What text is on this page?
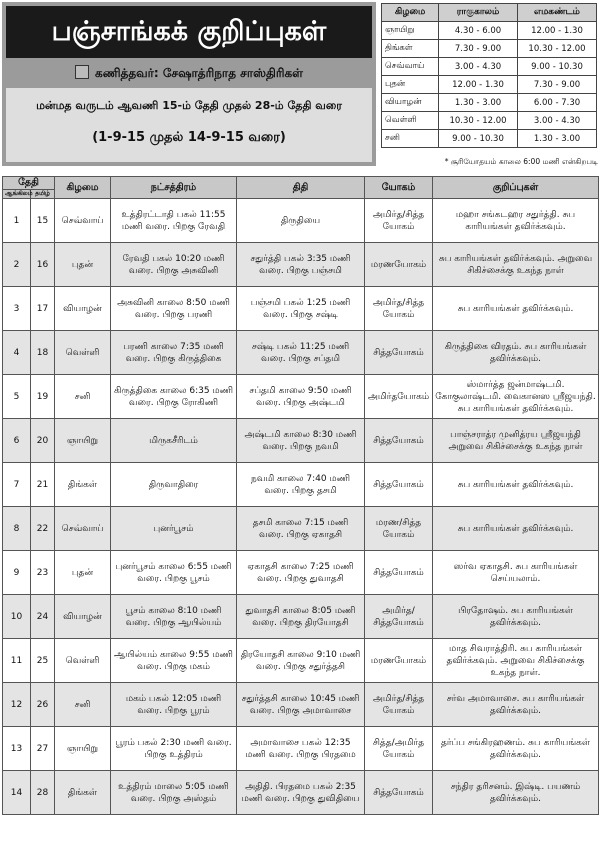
பஞ்சாங்கக் குறிப்புகள்
கணித்தவர்: சேஷாத்ரிநாத சாஸ்திரிகள்
மன்மத வருடம் ஆவணி 15-ம் தேதி முதல் 28-ம் தேதி வரை
(1-9-15 முதல் 14-9-15 வரை)
கிழமை	ராகுகாலம்	எமகண்டம்
ஞாயிறு	4.30 - 6.00	12.00 - 1.30
திங்கள்	7.30 - 9.00	10.30 - 12.00
செவ்வாய்	3.00 - 4.30	9.00 - 10.30
புதன்	12.00 - 1.30	7.30 - 9.00
வியாழன்	1.30 - 3.00	6.00 - 7.30
வெள்ளி	10.30 - 12.00	3.00 - 4.30
சனி	9.00 - 10.30	1.30 - 3.00
* சூரியோதயம் காலை 6:00 மணி என்கிறபடி
தேதி		கிழமை	நட்சத்திரம்	திதி	யோகம்	குறிப்புகள்
ஆங்கிலம்	தமிழ்					
1	15	செவ்வாய்	உத்திரட்டாதி பகல் 11:55 மணி வரை. பிறகு ரேவதி	திருதியை	அமிர்த/சித்த யோகம்	மஹா சங்கடஹர சதுர்த்தி. சுப காரியங்கள் தவிர்க்கவும்.
2	16	புதன்	ரேவதி பகல் 10:20 மணி வரை. பிறகு அசுவினி	சதுர்த்தி பகல் 3:35 மணி வரை. பிறகு பஞ்சமி	மரணயோகம்	சுப காரியங்கள் தவிர்க்கவும். அறுவை சிகிச்சைக்கு உகந்த நாள்
3	17	வியாழன்	அசுவினி காலை 8:50 மணி வரை. பிறகு பரணி	பஞ்சமி பகல் 1:25 மணி வரை. பிறகு சஷ்டி	அமிர்த/சித்த யோகம்	சுப காரியங்கள் தவிர்க்கவும்.
4	18	வெள்ளி	பரணி காலை 7:35 மணி வரை. பிறகு கிருத்திகை	சஷ்டி பகல் 11:25 மணி வரை. பிறகு சப்தமி	சித்தயோகம்	கிருத்திகை விரதம். சுப காரியங்கள் தவிர்க்கவும்.
5	19	சனி	கிருத்திகை காலை 6:35 மணி வரை. பிறகு ரோகிணி	சப்தமி காலை 9:50 மணி வரை. பிறகு அஷ்டமி	அமிர்தயோகம்	ஸ்மார்த்த ஜன்மாஷ்டமி. கோகுலாஷ்டமி. வைகானஸ ஸ்ரீஜயந்தி. சுப காரியங்கள் தவிர்க்கவும்.
6	20	ஞாயிறு	மிருகசீரிடம்	அஷ்டமி காலை 8:30 மணி வரை. பிறகு நவமி	சித்தயோகம்	பாஞ்சராத்ர முனித்ரய ஸ்ரீஜயந்தி அறுவை சிகிச்சைக்கு உகந்த நாள்
7	21	திங்கள்	திருவாதிரை	நவமி காலை 7:40 மணி வரை. பிறகு தசமி	சித்தயோகம்	சுப காரியங்கள் தவிர்க்கவும்.
8	22	செவ்வாய்	புனர்பூசம்	தசமி காலை 7:15 மணி வரை. பிறகு ஏகாதசி	மரண/சித்த யோகம்	சுப காரியங்கள் தவிர்க்கவும்.
9	23	புதன்	புனர்பூசம் காலை 6:55 மணி வரை. பிறகு பூசம்	ஏகாதசி காலை 7:25 மணி வரை. பிறகு துவாதசி	சித்தயோகம்	ஸர்வ ஏகாதசி. சுப காரியங்கள் செய்யலாம்.
10	24	வியாழன்	பூசம் காலை 8:10 மணி வரை. பிறகு ஆயில்யம்	துவாதசி காலை 8:05 மணி வரை. பிறகு திரயோதசி	அமிர்த/ சித்தயோகம்	பிரதோஷம். சுப காரியங்கள் தவிர்க்கவும்.
11	25	வெள்ளி	ஆயில்யம் காலை 9:55 மணி வரை. பிறகு மகம்	திரயோதசி காலை 9:10 மணி வரை. பிறகு சதுர்த்தசி	மரணயோகம்	மாத சிவராத்திரி. சுப காரியங்கள் தவிர்க்கவும். அறுவை சிகிச்சைக்கு உகந்த நாள்.
12	26	சனி	மகம் பகல் 12:05 மணி வரை. பிறகு பூரம்	சதுர்த்தசி காலை 10:45 மணி வரை. பிறகு அமாவாசை	அமிர்த/சித்த யோகம்	சர்வ அமாவாசை. சுப காரியங்கள் தவிர்க்கவும்.
13	27	ஞாயிறு	பூரம் பகல் 2:30 மணி வரை. பிறகு உத்திரம்	அமாவாசை பகல் 12:35 மணி வரை. பிறகு பிரதமை	சித்த/அமிர்த யோகம்	தர்ப்ப சங்கிரஹணம். சுப காரியங்கள் தவிர்க்கவும்.
14	28	திங்கள்	உத்திரம் மாலை 5:05 மணி வரை. பிறகு அஸ்தம்	அதிதி. பிரதமை பகல் 2:35 மணி வரை. பிறகு துவிதியை	சித்தயோகம்	சந்திர தரிசனம். இஷ்டி. பயணம் தவிர்க்கவும்.
